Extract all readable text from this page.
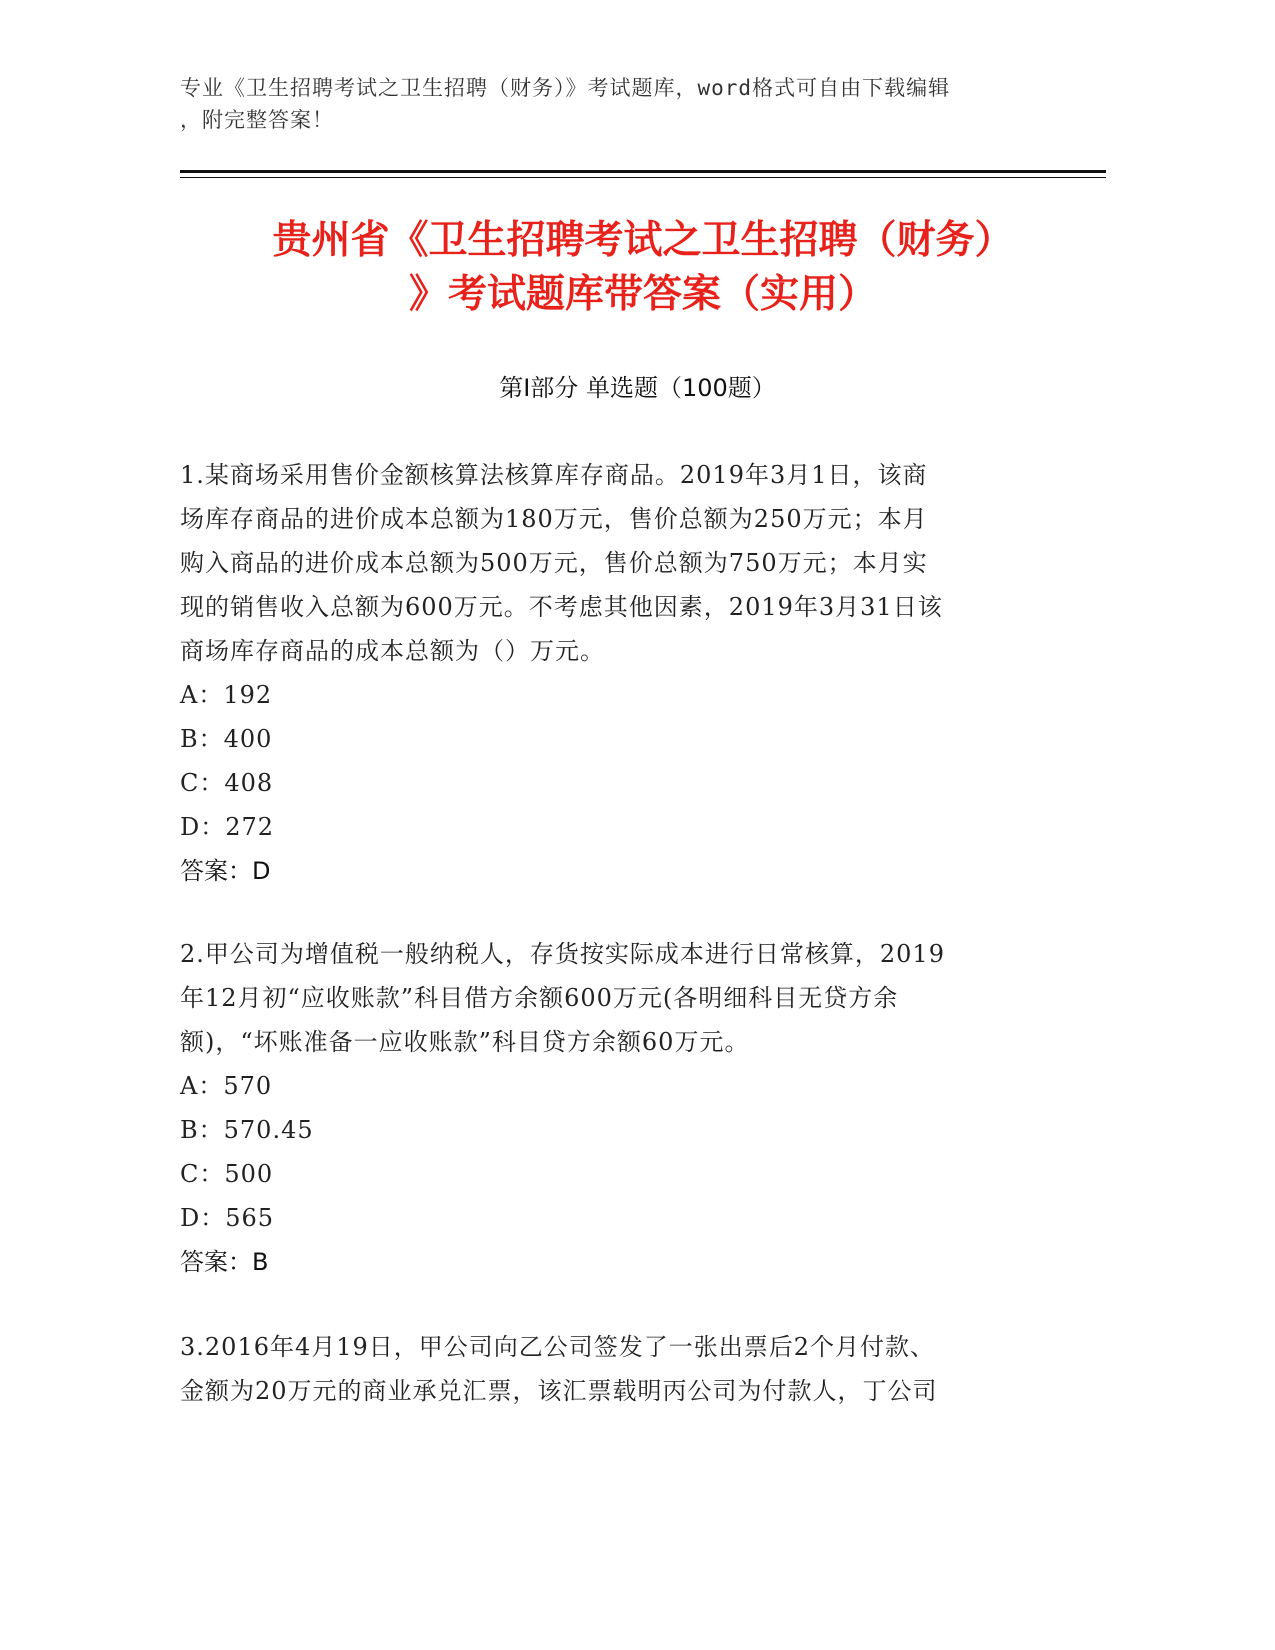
专业《卫生招聘考试之卫生招聘（财务）》考试题库，word格式可自由下载编辑
，附完整答案！
贵州省《卫生招聘考试之卫生招聘（财务）
》考试题库带答案（实用）
第I部分 单选题（100题）

1.某商场采用售价金额核算法核算库存商品。2019年3月1日，该商

场库存商品的进价成本总额为180万元，售价总额为250万元；本月

购入商品的进价成本总额为500万元，售价总额为750万元；本月实

现的销售收入总额为600万元。不考虑其他因素，2019年3月31日该

商场库存商品的成本总额为（）万元。

A：192

B：400

C：408

D：272

答案：D

2.甲公司为增值税一般纳税人，存货按实际成本进行日常核算，2019

年12月初“应收账款”科目借方余额600万元(各明细科目无贷方余

额)，“坏账准备一应收账款”科目贷方余额60万元。

A：570

B：570.45

C：500

D：565

答案：B

3.2016年4月19日，甲公司向乙公司签发了一张出票后2个月付款、

金额为20万元的商业承兑汇票，该汇票载明丙公司为付款人，丁公司
